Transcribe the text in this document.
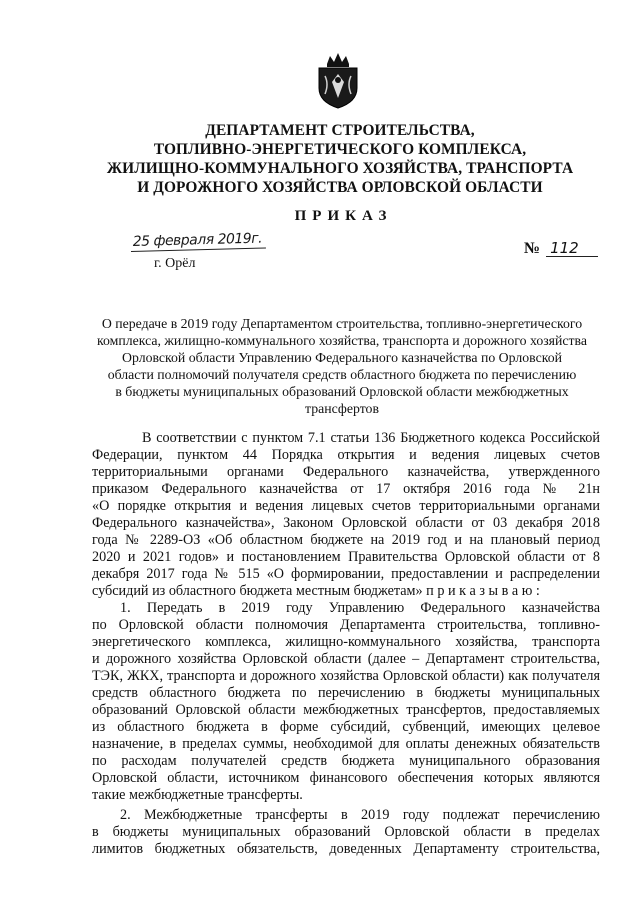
ДЕПАРТАМЕНТ СТРОИТЕЛЬСТВА,
ТОПЛИВНО-ЭНЕРГЕТИЧЕСКОГО КОМПЛЕКСА,
ЖИЛИЩНО-КОММУНАЛЬНОГО ХОЗЯЙСТВА, ТРАНСПОРТА
И ДОРОЖНОГО ХОЗЯЙСТВА ОРЛОВСКОЙ ОБЛАСТИ
ПРИКАЗ
25 февраля 2019г.
г. Орёл
№ 112
О передаче в 2019 году Департаментом строительства, топливно-энергетического
комплекса, жилищно-коммунального хозяйства, транспорта и дорожного хозяйства
Орловской области Управлению Федерального казначейства по Орловской
области полномочий получателя средств областного бюджета по перечислению
в бюджеты муниципальных образований Орловской области межбюджетных
трансфертов
В соответствии с пунктом 7.1 статьи 136 Бюджетного кодекса Российской
Федерации, пунктом 44 Порядка открытия и ведения лицевых счетов
территориальными органами Федерального казначейства, утвержденного
приказом Федерального казначейства от 17 октября 2016 года № 21н
«О порядке открытия и ведения лицевых счетов территориальными органами
Федерального казначейства», Законом Орловской области от 03 декабря 2018
года № 2289-ОЗ «Об областном бюджете на 2019 год и на плановый период
2020 и 2021 годов» и постановлением Правительства Орловской области от 8
декабря 2017 года № 515 «О формировании, предоставлении и распределении
субсидий из областного бюджета местным бюджетам» п р и к а з ы в а ю :
1. Передать в 2019 году Управлению Федерального казначейства
по Орловской области полномочия Департамента строительства, топливно-
энергетического комплекса, жилищно-коммунального хозяйства, транспорта
и дорожного хозяйства Орловской области (далее – Департамент строительства,
ТЭК, ЖКХ, транспорта и дорожного хозяйства Орловской области) как получателя
средств областного бюджета по перечислению в бюджеты муниципальных
образований Орловской области межбюджетных трансфертов, предоставляемых
из областного бюджета в форме субсидий, субвенций, имеющих целевое
назначение, в пределах суммы, необходимой для оплаты денежных обязательств
по расходам получателей средств бюджета муниципального образования
Орловской области, источником финансового обеспечения которых являются
такие межбюджетные трансферты.
2. Межбюджетные трансферты в 2019 году подлежат перечислению
в бюджеты муниципальных образований Орловской области в пределах
лимитов бюджетных обязательств, доведенных Департаменту строительства,
